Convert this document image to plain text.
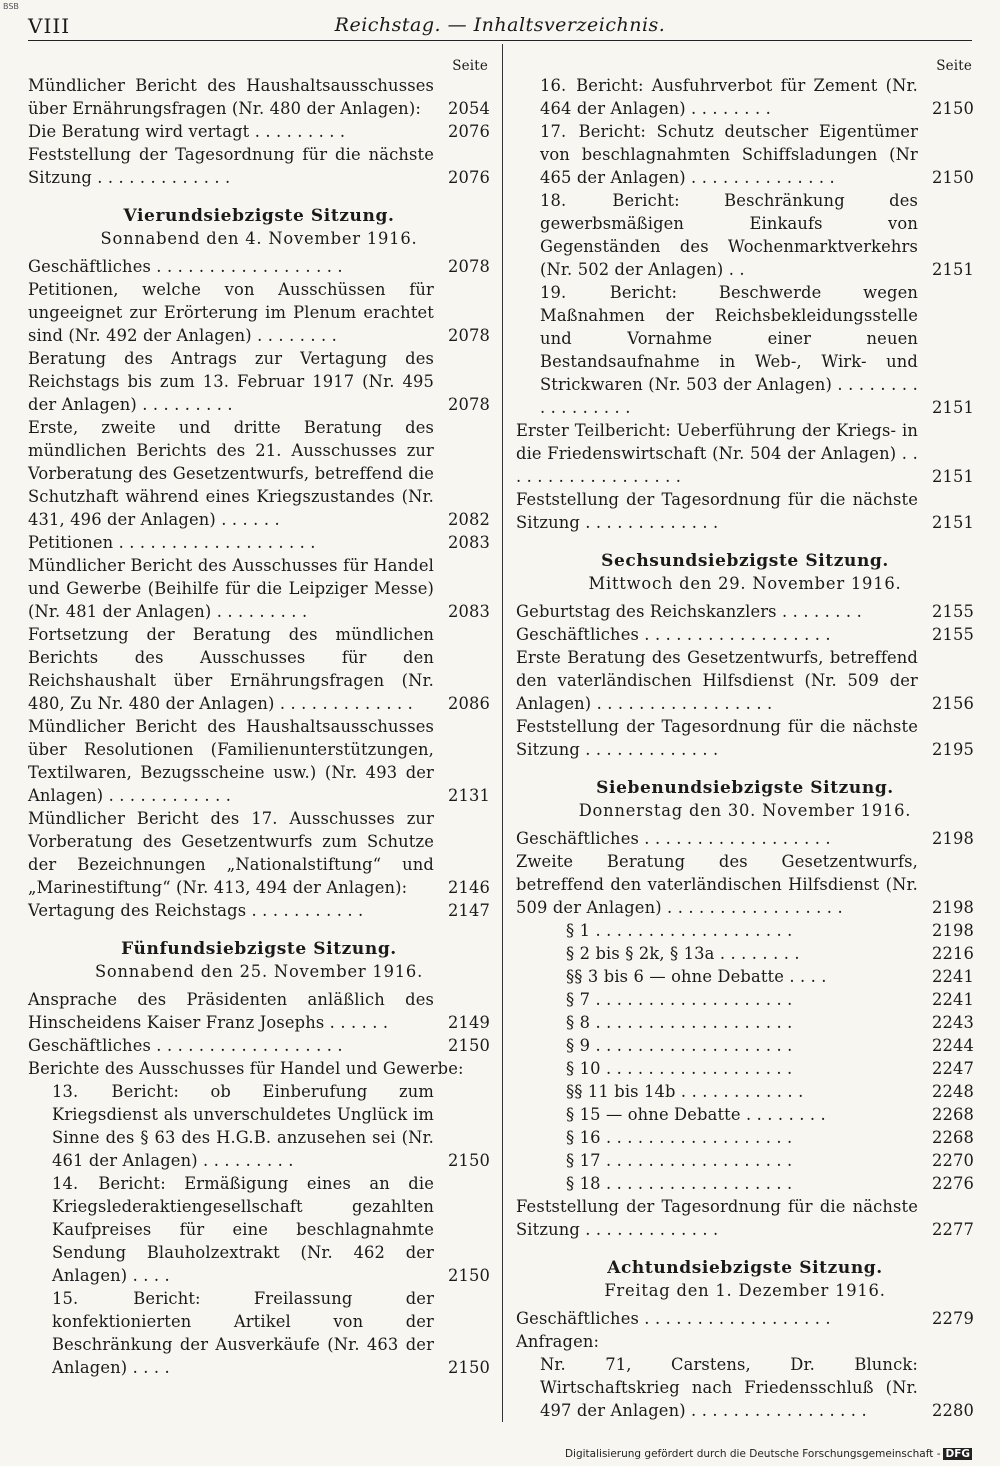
BSB
VIII	Reichstag. — Inhaltsverzeichnis.
Seite
Mündlicher Bericht des Haushaltsausschusses über Ernährungsfragen (Nr. 480 der Anlagen):	2054
Die Beratung wird vertagt . . . . . . . . .	2076
Feststellung der Tagesordnung für die nächste Sitzung . . . . . . . . . . . . .	2076
Vierundsiebzigste Sitzung.
Sonnabend den 4. November 1916.
Geschäftliches . . . . . . . . . . . . . . . . . .	2078
Petitionen, welche von Ausschüssen für ungeeignet zur Erörterung im Plenum erachtet sind (Nr. 492 der Anlagen) . . . . . . . .	2078
Beratung des Antrags zur Vertagung des Reichstags bis zum 13. Februar 1917 (Nr. 495 der Anlagen) . . . . . . . . .	2078
Erste, zweite und dritte Beratung des mündlichen Berichts des 21. Ausschusses zur Vorberatung des Gesetzentwurfs, betreffend die Schutzhaft während eines Kriegszustandes (Nr. 431, 496 der Anlagen) . . . . . .	2082
Petitionen . . . . . . . . . . . . . . . . . . .	2083
Mündlicher Bericht des Ausschusses für Handel und Gewerbe (Beihilfe für die Leipziger Messe) (Nr. 481 der Anlagen) . . . . . . . . .	2083
Fortsetzung der Beratung des mündlichen Berichts des Ausschusses für den Reichshaushalt über Ernährungsfragen (Nr. 480, Zu Nr. 480 der Anlagen) . . . . . . . . . . . . .	2086
Mündlicher Bericht des Haushaltsausschusses über Resolutionen (Familienunterstützungen, Textilwaren, Bezugsscheine usw.) (Nr. 493 der Anlagen) . . . . . . . . . . . .	2131
Mündlicher Bericht des 17. Ausschusses zur Vorberatung des Gesetzentwurfs zum Schutze der Bezeichnungen „Nationalstiftung“ und „Marinestiftung“ (Nr. 413, 494 der Anlagen):	2146
Vertagung des Reichstags . . . . . . . . . . .	2147
Fünfundsiebzigste Sitzung.
Sonnabend den 25. November 1916.
Ansprache des Präsidenten anläßlich des Hinscheidens Kaiser Franz Josephs . . . . . .	2149
Geschäftliches . . . . . . . . . . . . . . . . . .	2150
Berichte des Ausschusses für Handel und Gewerbe:
13. Bericht: ob Einberufung zum Kriegsdienst als unverschuldetes Unglück im Sinne des § 63 des H.G.B. anzusehen sei (Nr. 461 der Anlagen) . . . . . . . . .	2150
14. Bericht: Ermäßigung eines an die Kriegslederaktiengesellschaft gezahlten Kaufpreises für eine beschlagnahmte Sendung Blauholzextrakt (Nr. 462 der Anlagen) . . . .	2150
15.	Bericht: Freilassung der konfektionierten Artikel von der Beschränkung der Ausverkäufe (Nr. 463 der Anlagen) . . . .	2150
Seite
16. Bericht: Ausfuhrverbot für Zement (Nr. 464 der Anlagen) . . . . . . . .	2150
17. Bericht: Schutz deutscher Eigentümer von beschlagnahmten Schiffsladungen (Nr 465 der Anlagen) . . . . . . . . . . . . . .	2150
18.	Bericht: Beschränkung des gewerbsmäßigen Einkaufs von Gegenständen des Wochenmarktverkehrs (Nr. 502 der Anlagen) . .	2151
19.	Bericht: Beschwerde wegen Maßnahmen der Reichsbekleidungsstelle und Vornahme einer neuen Bestandsaufnahme in Web-, Wirk- und Strickwaren (Nr. 503 der Anlagen) . . . . . . . . . . . . . . . . .	2151
Erster Teilbericht: Ueberführung der Kriegs- in die Friedenswirtschaft (Nr. 504 der Anlagen) . . . . . . . . . . . . . . . . . .	2151
Feststellung der Tagesordnung für die nächste Sitzung . . . . . . . . . . . . .	2151
Sechsundsiebzigste Sitzung.
Mittwoch den 29. November 1916.
Geburtstag des Reichskanzlers . . . . . . . .	2155
Geschäftliches . . . . . . . . . . . . . . . . . .	2155
Erste Beratung des Gesetzentwurfs, betreffend den vaterländischen Hilfsdienst (Nr. 509 der Anlagen) . . . . . . . . . . . . . . . . .	2156
Feststellung der Tagesordnung für die nächste Sitzung . . . . . . . . . . . . .	2195
Siebenundsiebzigste Sitzung.
Donnerstag den 30. November 1916.
Geschäftliches . . . . . . . . . . . . . . . . . .	2198
Zweite Beratung des Gesetzentwurfs, betreffend den vaterländischen Hilfsdienst (Nr. 509 der Anlagen) . . . . . . . . . . . . . . . . .	2198
§ 1 . . . . . . . . . . . . . . . . . . .	2198
§ 2 bis § 2k, § 13a . . . . . . . .	2216
§§ 3 bis 6 — ohne Debatte . . . .	2241
§ 7 . . . . . . . . . . . . . . . . . . .	2241
§ 8 . . . . . . . . . . . . . . . . . . .	2243
§ 9 . . . . . . . . . . . . . . . . . . .	2244
§ 10 . . . . . . . . . . . . . . . . . .	2247
§§ 11 bis 14b . . . . . . . . . . . .	2248
§ 15 — ohne Debatte . . . . . . . .	2268
§ 16 . . . . . . . . . . . . . . . . . .	2268
§ 17 . . . . . . . . . . . . . . . . . .	2270
§ 18 . . . . . . . . . . . . . . . . . .	2276
Feststellung der Tagesordnung für die nächste Sitzung . . . . . . . . . . . . .	2277
Achtundsiebzigste Sitzung.
Freitag den 1. Dezember 1916.
Geschäftliches . . . . . . . . . . . . . . . . . .	2279
Anfragen:
Nr. 71, Carstens, Dr. Blunck: Wirtschaftskrieg nach Friedensschluß (Nr. 497 der Anlagen) . . . . . . . . . . . . . . . . .	2280
Digitalisierung gefördert durch die Deutsche Forschungsgemeinschaft - DFG
